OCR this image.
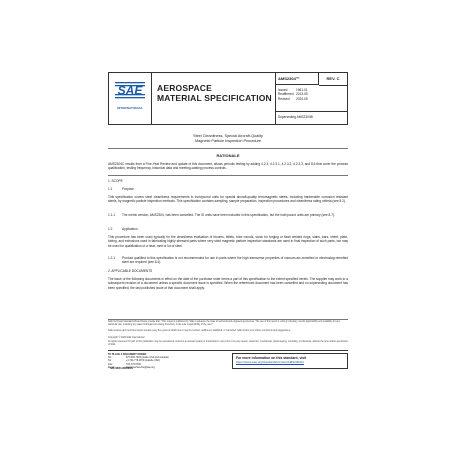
SAE
INTERNATIONAL
AEROSPACE
MATERIAL SPECIFICATION
AMS2304™	REV. C
Issued	1961-01
Reaffirmed 2013-05
Revised	2020-05
Superseding AMS2304B
Steel Cleanliness, Special Aircraft-Quality
Magnetic Particle Inspection Procedure
RATIONALE
AMS2304C results from a Five-Year Review and update of this document, allows periodic testing by adding 4.2.3, 4.2.3.1, 4.2.3.2, 4.2.3.3, and 8.6 that cover the process qualification, testing frequency, historical data and meeting-casting process controls.
1. SCOPE
1.1	Purpose
This specification covers steel cleanliness requirements in inch/pound units for special aircraft-quality ferromagnetic steels, including hardenable corrosion resistant steels, by magnetic particle inspection methods. This specification contains sampling, sample preparation, inspection procedures and cleanliness rating criteria (see 8.2).
1.1.1 The metric version, AMS2304, has been cancelled. The SI units have been included in this specification, but the inch/pound units are primary (see 8.7).
1.2	Application
This procedure has been used typically for the cleanliness evaluation of blooms, billets, tube rounds, stock for forging or flash welded rings, slabs, bars, sheet, plate, tubing, and extrusions used in fabricating highly stressed parts where very strict magnetic particle inspection standards are used in final inspection of such parts, but may be used for qualification of a heat, melt or lot of steel.
1.2.1 Product qualified to this specification is not recommended for use in parts where the high transverse properties of vacuum-arc-remelted or electroslag remelted steel are required (see 8.4).
2. APPLICABLE DOCUMENTS
The issue of the following documents in effect on the date of the purchase order forms a part of this specification to the extent specified herein. The supplier may work to a subsequent revision of a document unless a specific document issue is specified. When the referenced document has been cancelled and no superseding document has been specified, the last published issue of that document shall apply.
SAE Technical Standards Board Rules provide that: "This report is published by SAE to advance the state of technical and engineering sciences. The use of this report is entirely voluntary, and its applicability and suitability for any particular use, including any patent infringement arising therefrom, is the sole responsibility of the user."
SAE reviews each technical report at least every five years at which time it may be revised, reaffirmed, stabilized, or cancelled. SAE invites your written comments and suggestions.
Copyright © 2020 SAE International
All rights reserved. No part of this publication may be reproduced, stored in a retrieval system or transmitted, in any form or by any means, electronic, mechanical, photocopying, recording, or otherwise, without the prior written permission of SAE.
TO PLACE A DOCUMENT ORDER:
Tel:	877-606-7323 (inside USA and Canada)
Tel:	+1 724-776-4970 (outside USA)
Fax:	724-776-0790
Email:	CustomerService@sae.org
SAE WEB ADDRESS:
For more information on this standard, visit
https://www.sae.org/standards/content/AMS2304C/
